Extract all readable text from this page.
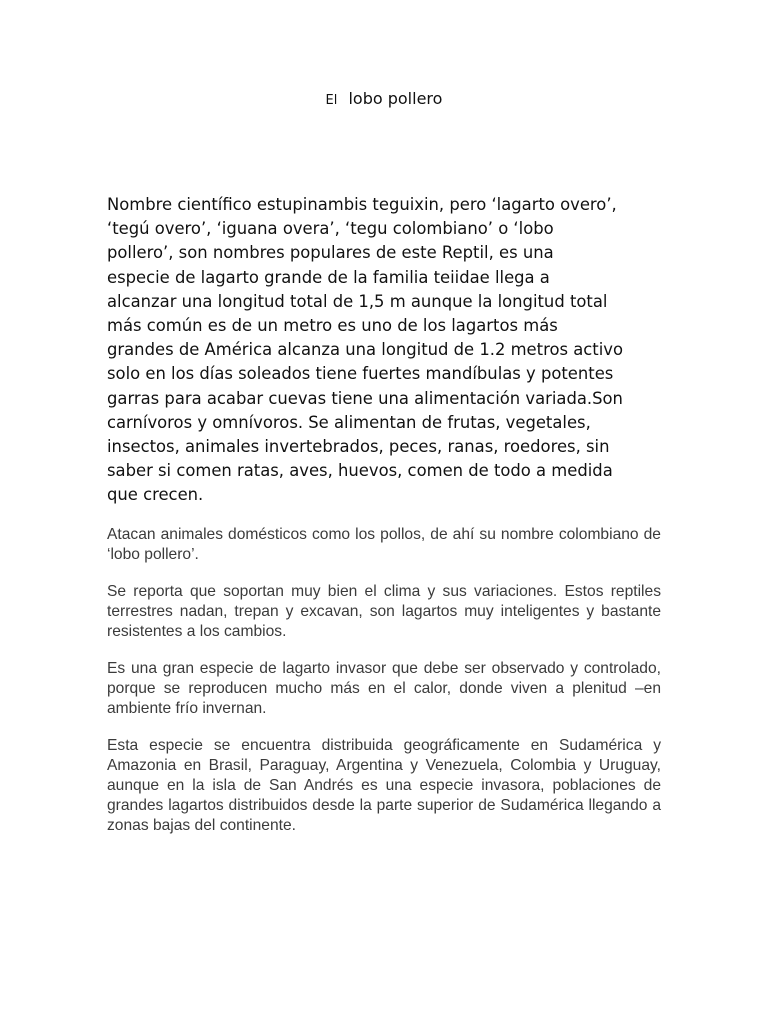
El lobo pollero
Nombre científico estupinambis teguixin, pero ‘lagarto overo’,
‘tegú overo’, ‘iguana overa’, ‘tegu colombiano’ o ‘lobo
pollero’, son nombres populares de este Reptil, es una
especie de lagarto grande de la familia teiidae llega a
alcanzar una longitud total de 1,5 m aunque la longitud total
más común es de un metro es uno de los lagartos más
grandes de América alcanza una longitud de 1.2 metros activo
solo en los días soleados tiene fuertes mandíbulas y potentes
garras para acabar cuevas tiene una alimentación variada.Son
carnívoros y omnívoros. Se alimentan de frutas, vegetales,
insectos, animales invertebrados, peces, ranas, roedores, sin
saber si comen ratas, aves, huevos, comen de todo a medida
que crecen.

Atacan animales domésticos como los pollos, de ahí su nombre colombiano de ‘lobo pollero’.

Se reporta que soportan muy bien el clima y sus variaciones. Estos reptiles terrestres nadan, trepan y excavan, son lagartos muy inteligentes y bastante resistentes a los cambios.

Es una gran especie de lagarto invasor que debe ser observado y controlado, porque se reproducen mucho más en el calor, donde viven a plenitud –en ambiente frío invernan.

Esta especie se encuentra distribuida geográficamente en Sudamérica y Amazonia en Brasil, Paraguay, Argentina y Venezuela, Colombia y Uruguay, aunque en la isla de San Andrés es una especie invasora, poblaciones de grandes lagartos distribuidos desde la parte superior de Sudamérica llegando a zonas bajas del continente.
